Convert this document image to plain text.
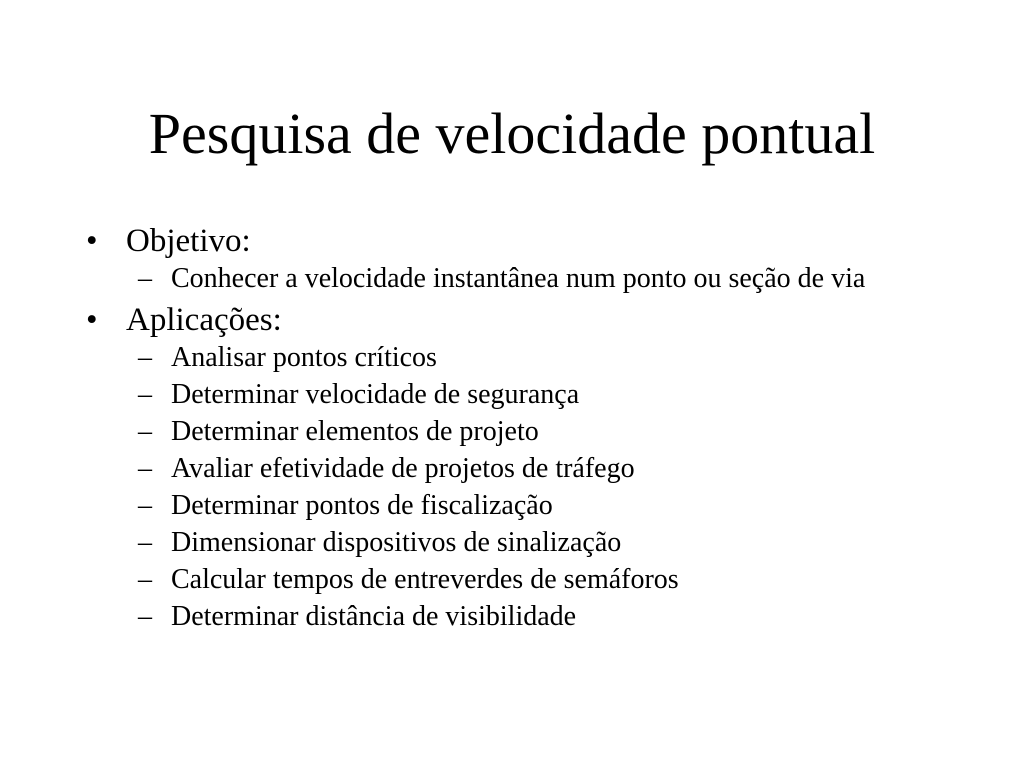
Pesquisa de velocidade pontual
• Objetivo:
– Conhecer a velocidade instantânea num ponto ou seção de via
• Aplicações:
– Analisar pontos críticos
– Determinar velocidade de segurança
– Determinar elementos de projeto
– Avaliar efetividade de projetos de tráfego
– Determinar pontos de fiscalização
– Dimensionar dispositivos de sinalização
– Calcular tempos de entreverdes de semáforos
– Determinar distância de visibilidade
